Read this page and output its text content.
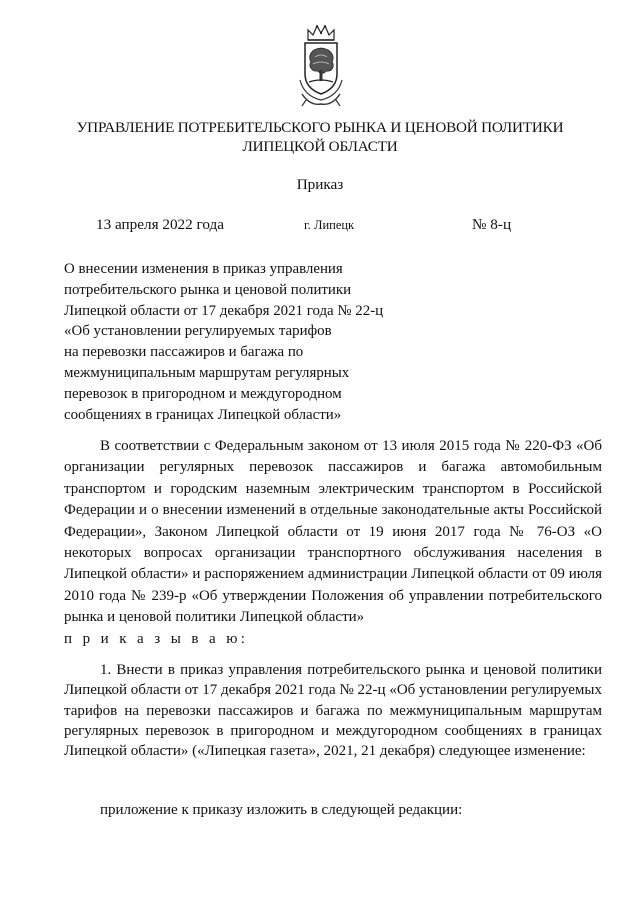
УПРАВЛЕНИЕ ПОТРЕБИТЕЛЬСКОГО РЫНКА И ЦЕНОВОЙ ПОЛИТИКИ
ЛИПЕЦКОЙ ОБЛАСТИ
Приказ
13 апреля 2022 года	г. Липецк	№ 8-ц
О внесении изменения в приказ управления
потребительского рынка и ценовой политики
Липецкой области от 17 декабря 2021 года № 22-ц
«Об установлении регулируемых тарифов
на перевозки пассажиров и багажа по
межмуниципальным маршрутам регулярных
перевозок в пригородном и междугородном
сообщениях в границах Липецкой области»

В соответствии с Федеральным законом от 13 июля 2015 года № 220-ФЗ «Об организации регулярных перевозок пассажиров и багажа автомобильным транспортом и городским наземным электрическим транспортом в Российской Федерации и о внесении изменений в отдельные законодательные акты Российской Федерации», Законом Липецкой области от 19 июня 2017 года № 76-ОЗ «О некоторых вопросах организации транспортного обслуживания населения в Липецкой области» и распоряжением администрации Липецкой области от 09 июля 2010 года № 239-р «Об утверждении Положения об управлении потребительского рынка и ценовой политики Липецкой области»

п р и к а з ы в а ю:

1. Внести в приказ управления потребительского рынка и ценовой политики Липецкой области от 17 декабря 2021 года № 22-ц «Об установлении регулируемых тарифов на перевозки пассажиров и багажа по межмуниципальным маршрутам регулярных перевозок в пригородном и междугородном сообщениях в границах Липецкой области» («Липецкая газета», 2021, 21 декабря) следующее изменение:

приложение к приказу изложить в следующей редакции:
